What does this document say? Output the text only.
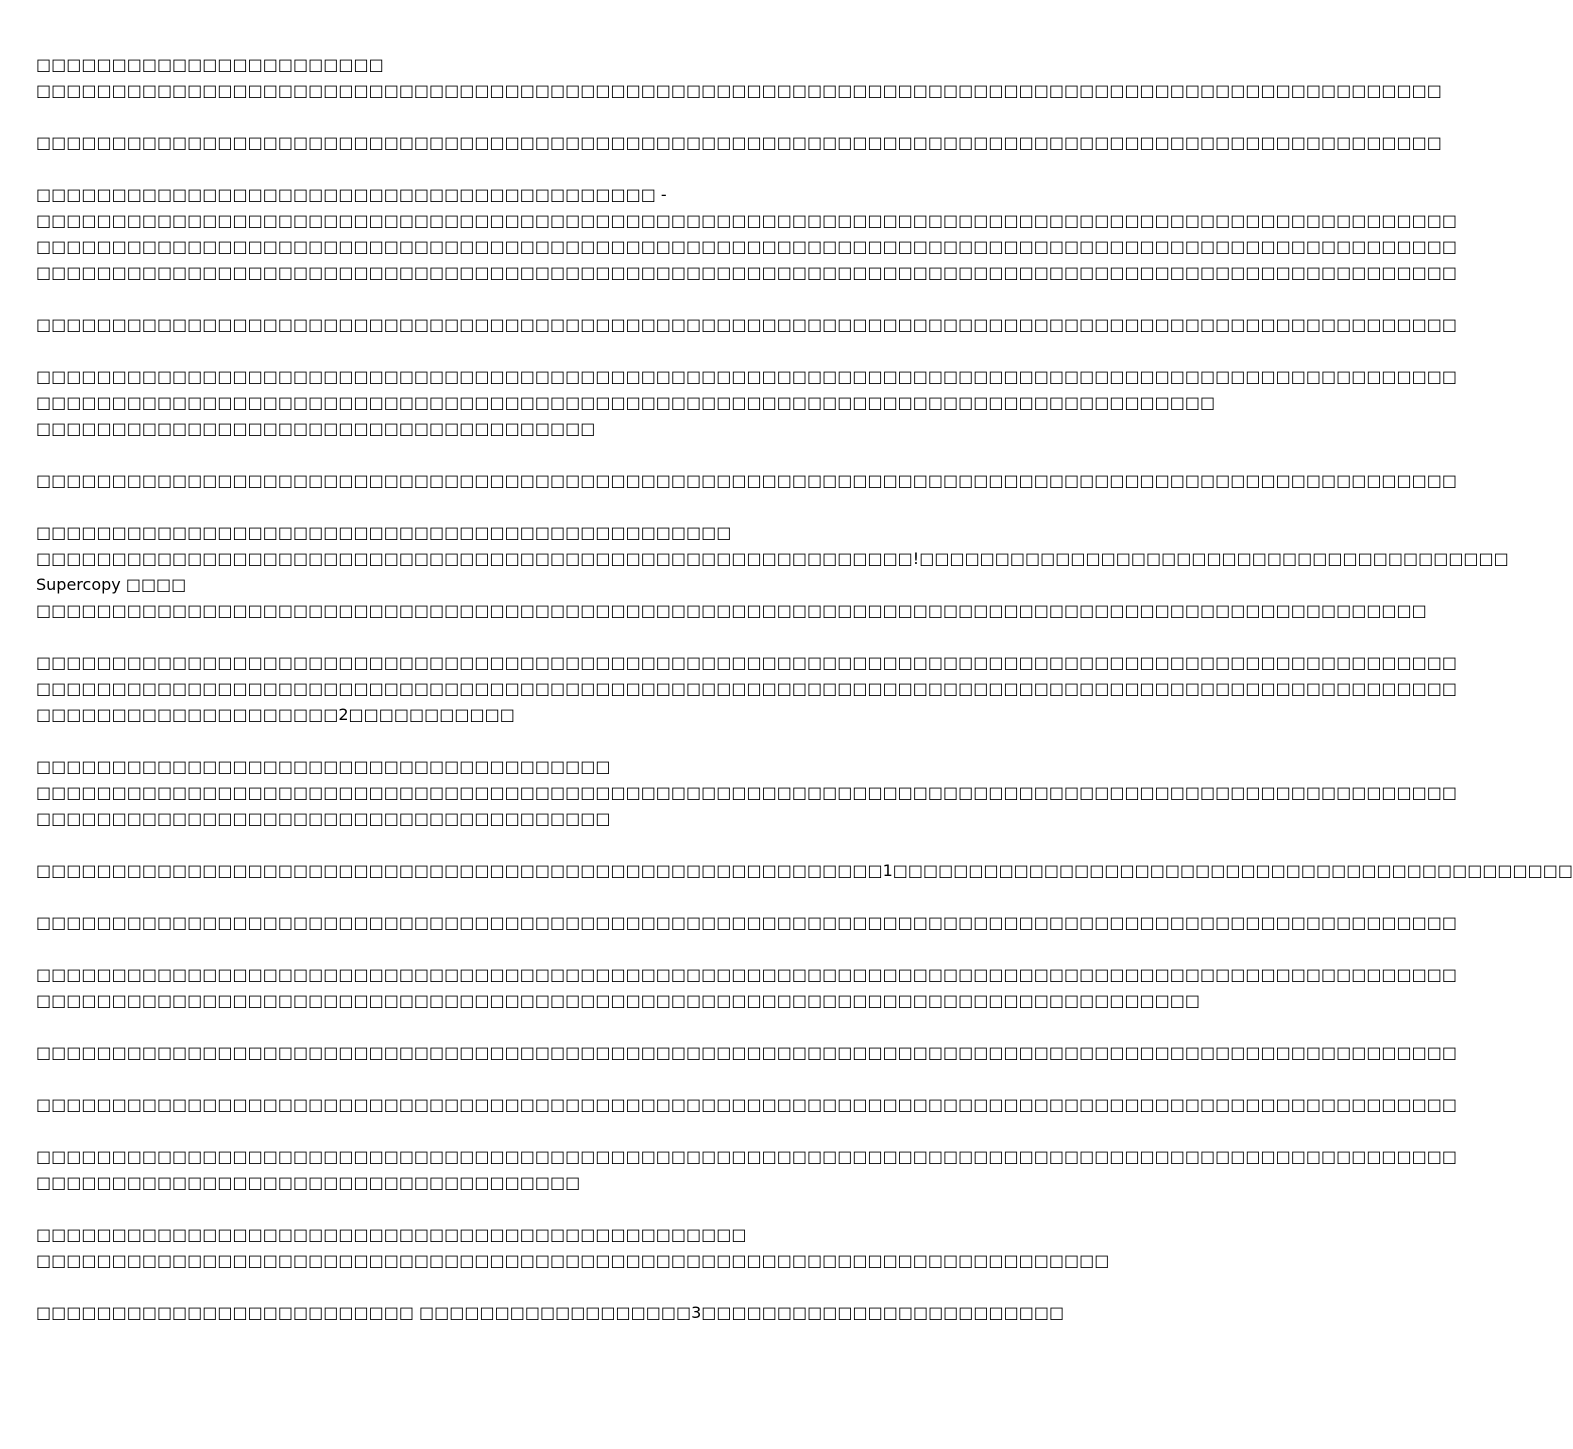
□□□□□□□□□□□□□□□□□□□□□□□
□□□□□□□□□□□□□□□□□□□□□□□□□□□□□□□□□□□□□□□□□□□□□□□□□□□□□□□□□□□□□□□□□□□□□□□□□□□□□□□□□□□□□□□□□□□□□

□□□□□□□□□□□□□□□□□□□□□□□□□□□□□□□□□□□□□□□□□□□□□□□□□□□□□□□□□□□□□□□□□□□□□□□□□□□□□□□□□□□□□□□□□□□□□

□□□□□□□□□□□□□□□□□□□□□□□□□□□□□□□□□□□□□□□□□ -
□□□□□□□□□□□□□□□□□□□□□□□□□□□□□□□□□□□□□□□□□□□□□□□□□□□□□□□□□□□□□□□□□□□□□□□□□□□□□□□□□□□□□□□□□□□□□□
□□□□□□□□□□□□□□□□□□□□□□□□□□□□□□□□□□□□□□□□□□□□□□□□□□□□□□□□□□□□□□□□□□□□□□□□□□□□□□□□□□□□□□□□□□□□□□
□□□□□□□□□□□□□□□□□□□□□□□□□□□□□□□□□□□□□□□□□□□□□□□□□□□□□□□□□□□□□□□□□□□□□□□□□□□□□□□□□□□□□□□□□□□□□□

□□□□□□□□□□□□□□□□□□□□□□□□□□□□□□□□□□□□□□□□□□□□□□□□□□□□□□□□□□□□□□□□□□□□□□□□□□□□□□□□□□□□□□□□□□□□□□

□□□□□□□□□□□□□□□□□□□□□□□□□□□□□□□□□□□□□□□□□□□□□□□□□□□□□□□□□□□□□□□□□□□□□□□□□□□□□□□□□□□□□□□□□□□□□□
□□□□□□□□□□□□□□□□□□□□□□□□□□□□□□□□□□□□□□□□□□□□□□□□□□□□□□□□□□□□□□□□□□□□□□□□□□□□□□
□□□□□□□□□□□□□□□□□□□□□□□□□□□□□□□□□□□□□

□□□□□□□□□□□□□□□□□□□□□□□□□□□□□□□□□□□□□□□□□□□□□□□□□□□□□□□□□□□□□□□□□□□□□□□□□□□□□□□□□□□□□□□□□□□□□□

□□□□□□□□□□□□□□□□□□□□□□□□□□□□□□□□□□□□□□□□□□□□□□
□□□□□□□□□□□□□□□□□□□□□□□□□□□□□□□□□□□□□□□□□□□□□□□□□□□□□□□□□□!□□□□□□□□□□□□□□□□□□□□□□□□□□□□□□□□□□□□□□□
Supercopy □□□□
□□□□□□□□□□□□□□□□□□□□□□□□□□□□□□□□□□□□□□□□□□□□□□□□□□□□□□□□□□□□□□□□□□□□□□□□□□□□□□□□□□□□□□□□□□□□

□□□□□□□□□□□□□□□□□□□□□□□□□□□□□□□□□□□□□□□□□□□□□□□□□□□□□□□□□□□□□□□□□□□□□□□□□□□□□□□□□□□□□□□□□□□□□□
□□□□□□□□□□□□□□□□□□□□□□□□□□□□□□□□□□□□□□□□□□□□□□□□□□□□□□□□□□□□□□□□□□□□□□□□□□□□□□□□□□□□□□□□□□□□□□
□□□□□□□□□□□□□□□□□□□□2□□□□□□□□□□□

□□□□□□□□□□□□□□□□□□□□□□□□□□□□□□□□□□□□□□
□□□□□□□□□□□□□□□□□□□□□□□□□□□□□□□□□□□□□□□□□□□□□□□□□□□□□□□□□□□□□□□□□□□□□□□□□□□□□□□□□□□□□□□□□□□□□□
□□□□□□□□□□□□□□□□□□□□□□□□□□□□□□□□□□□□□□

□□□□□□□□□□□□□□□□□□□□□□□□□□□□□□□□□□□□□□□□□□□□□□□□□□□□□□□□1□□□□□□□□□□□□□□□□□□□□□□□□□□□□□□□□□□□□□□□□□□□□□

□□□□□□□□□□□□□□□□□□□□□□□□□□□□□□□□□□□□□□□□□□□□□□□□□□□□□□□□□□□□□□□□□□□□□□□□□□□□□□□□□□□□□□□□□□□□□□

□□□□□□□□□□□□□□□□□□□□□□□□□□□□□□□□□□□□□□□□□□□□□□□□□□□□□□□□□□□□□□□□□□□□□□□□□□□□□□□□□□□□□□□□□□□□□□
□□□□□□□□□□□□□□□□□□□□□□□□□□□□□□□□□□□□□□□□□□□□□□□□□□□□□□□□□□□□□□□□□□□□□□□□□□□□□

□□□□□□□□□□□□□□□□□□□□□□□□□□□□□□□□□□□□□□□□□□□□□□□□□□□□□□□□□□□□□□□□□□□□□□□□□□□□□□□□□□□□□□□□□□□□□□

□□□□□□□□□□□□□□□□□□□□□□□□□□□□□□□□□□□□□□□□□□□□□□□□□□□□□□□□□□□□□□□□□□□□□□□□□□□□□□□□□□□□□□□□□□□□□□

□□□□□□□□□□□□□□□□□□□□□□□□□□□□□□□□□□□□□□□□□□□□□□□□□□□□□□□□□□□□□□□□□□□□□□□□□□□□□□□□□□□□□□□□□□□□□□
□□□□□□□□□□□□□□□□□□□□□□□□□□□□□□□□□□□□

□□□□□□□□□□□□□□□□□□□□□□□□□□□□□□□□□□□□□□□□□□□□□□□
□□□□□□□□□□□□□□□□□□□□□□□□□□□□□□□□□□□□□□□□□□□□□□□□□□□□□□□□□□□□□□□□□□□□□□□

□□□□□□□□□□□□□□□□□□□□□□□□□ □□□□□□□□□□□□□□□□□□3□□□□□□□□□□□□□□□□□□□□□□□□
